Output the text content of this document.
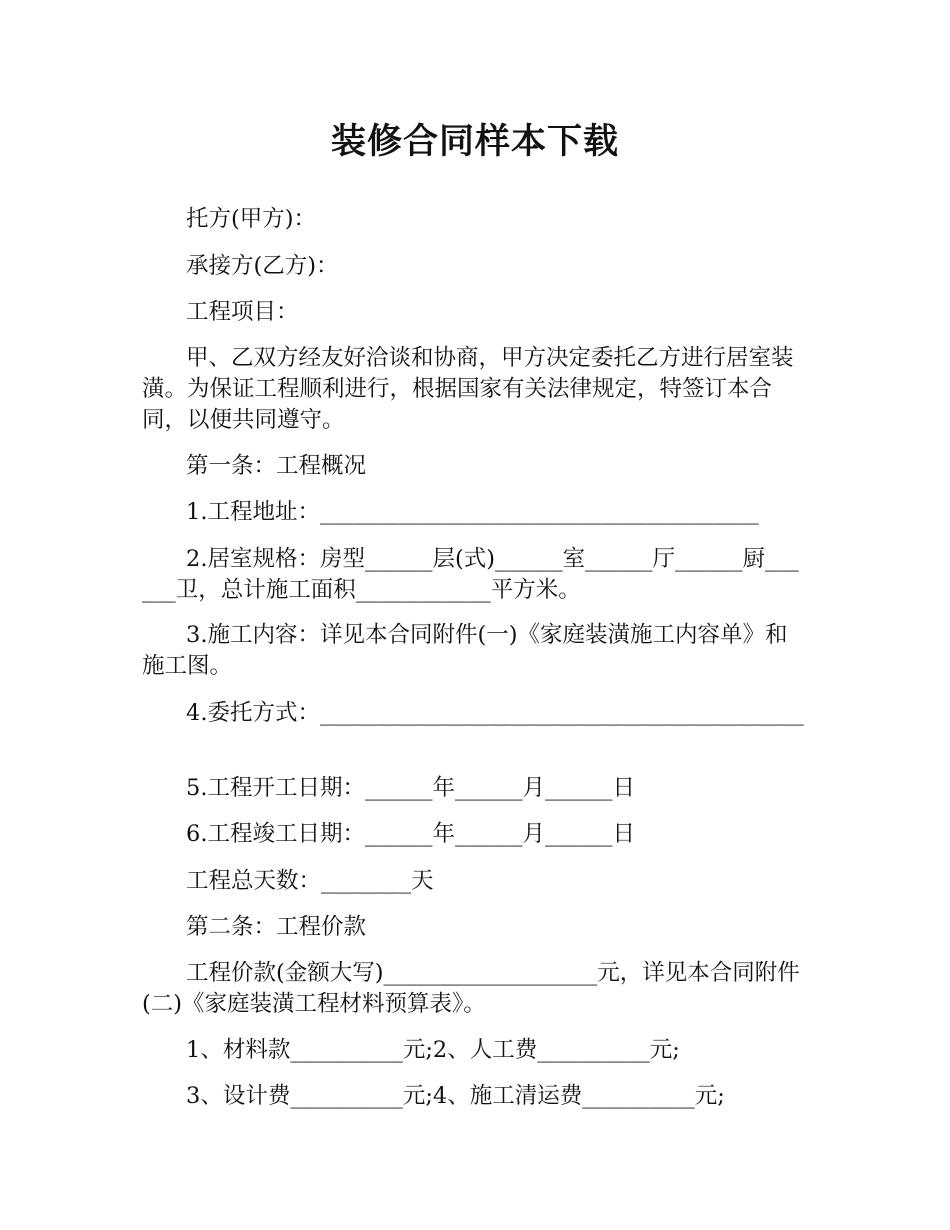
装修合同样本下载

托方(甲方)：

承接方(乙方)：

工程项目：

甲、乙双方经友好洽谈和协商，甲方决定委托乙方进行居室装潢。为保证工程顺利进行，根据国家有关法律规定，特签订本合同，以便共同遵守。

第一条：工程概况

1.工程地址：_______________________________________

2.居室规格：房型______层(式)______室______厅______厨______卫，总计施工面积____________平方米。

3.施工内容：详见本合同附件(一)《家庭装潢施工内容单》和施工图。

4.委托方式：___________________________________________

5.工程开工日期：______年______月______日

6.工程竣工日期：______年______月______日

工程总天数：________天

第二条：工程价款

工程价款(金额大写)___________________元，详见本合同附件(二)《家庭装潢工程材料预算表》。

1、材料款__________元;2、人工费__________元;

3、设计费__________元;4、施工清运费__________元;
